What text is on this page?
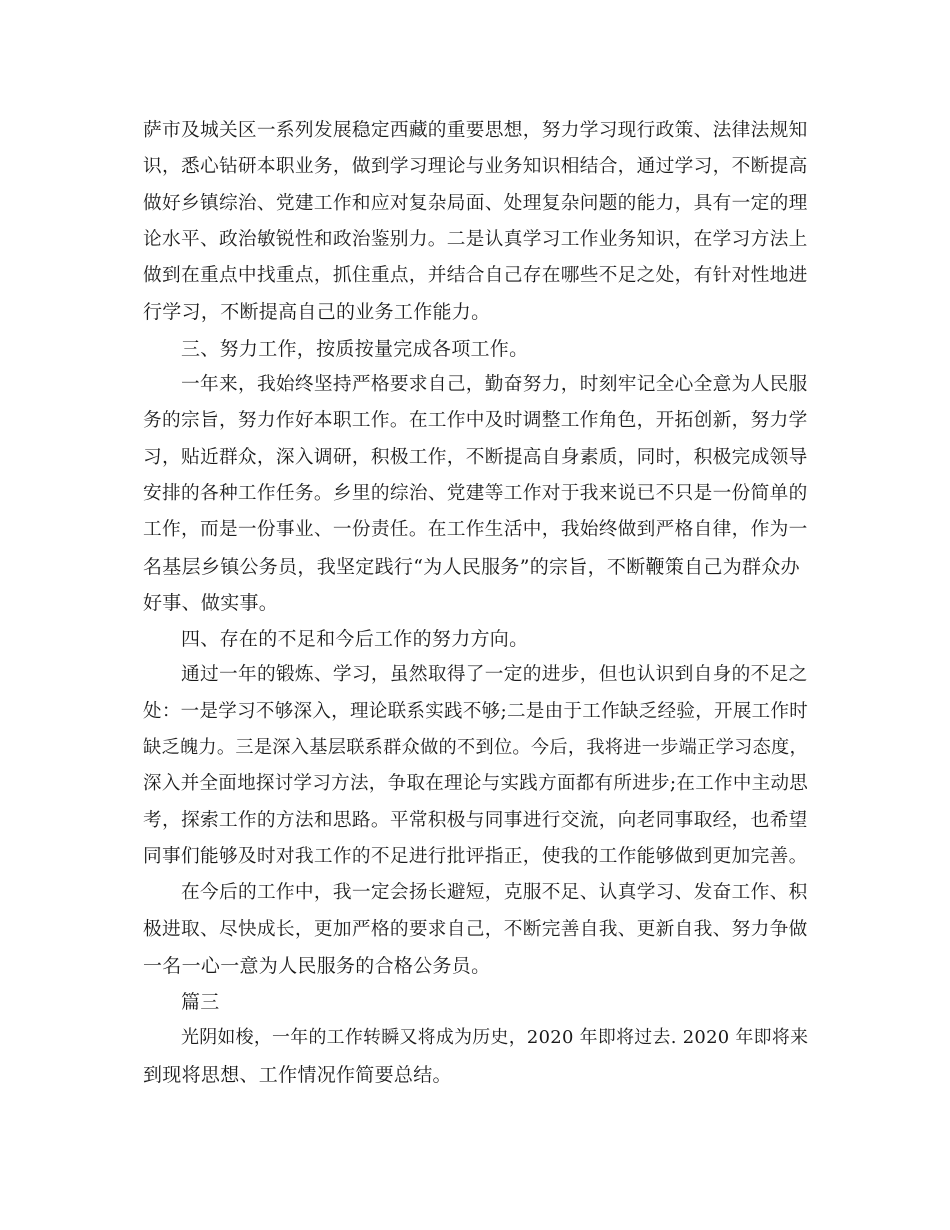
萨市及城关区一系列发展稳定西藏的重要思想，努力学习现行政策、法律法规知
识，悉心钻研本职业务，做到学习理论与业务知识相结合，通过学习，不断提高
做好乡镇综治、党建工作和应对复杂局面、处理复杂问题的能力，具有一定的理
论水平、政治敏锐性和政治鉴别力。二是认真学习工作业务知识，在学习方法上
做到在重点中找重点，抓住重点，并结合自己存在哪些不足之处，有针对性地进
行学习，不断提高自己的业务工作能力。
三、努力工作，按质按量完成各项工作。
一年来，我始终坚持严格要求自己，勤奋努力，时刻牢记全心全意为人民服
务的宗旨，努力作好本职工作。在工作中及时调整工作角色，开拓创新，努力学
习，贴近群众，深入调研，积极工作，不断提高自身素质，同时，积极完成领导
安排的各种工作任务。乡里的综治、党建等工作对于我来说已不只是一份简单的
工作，而是一份事业、一份责任。在工作生活中，我始终做到严格自律，作为一
名基层乡镇公务员，我坚定践行“为人民服务”的宗旨，不断鞭策自己为群众办
好事、做实事。
四、存在的不足和今后工作的努力方向。
通过一年的锻炼、学习，虽然取得了一定的进步，但也认识到自身的不足之
处：一是学习不够深入，理论联系实践不够;二是由于工作缺乏经验，开展工作时
缺乏魄力。三是深入基层联系群众做的不到位。今后，我将进一步端正学习态度，
深入并全面地探讨学习方法，争取在理论与实践方面都有所进步;在工作中主动思
考，探索工作的方法和思路。平常积极与同事进行交流，向老同事取经，也希望
同事们能够及时对我工作的不足进行批评指正，使我的工作能够做到更加完善。
在今后的工作中，我一定会扬长避短，克服不足、认真学习、发奋工作、积
极进取、尽快成长，更加严格的要求自己，不断完善自我、更新自我、努力争做
一名一心一意为人民服务的合格公务员。
篇三
光阴如梭，一年的工作转瞬又将成为历史，2020 年即将过去. 2020 年即将来
到现将思想、工作情况作简要总结。
